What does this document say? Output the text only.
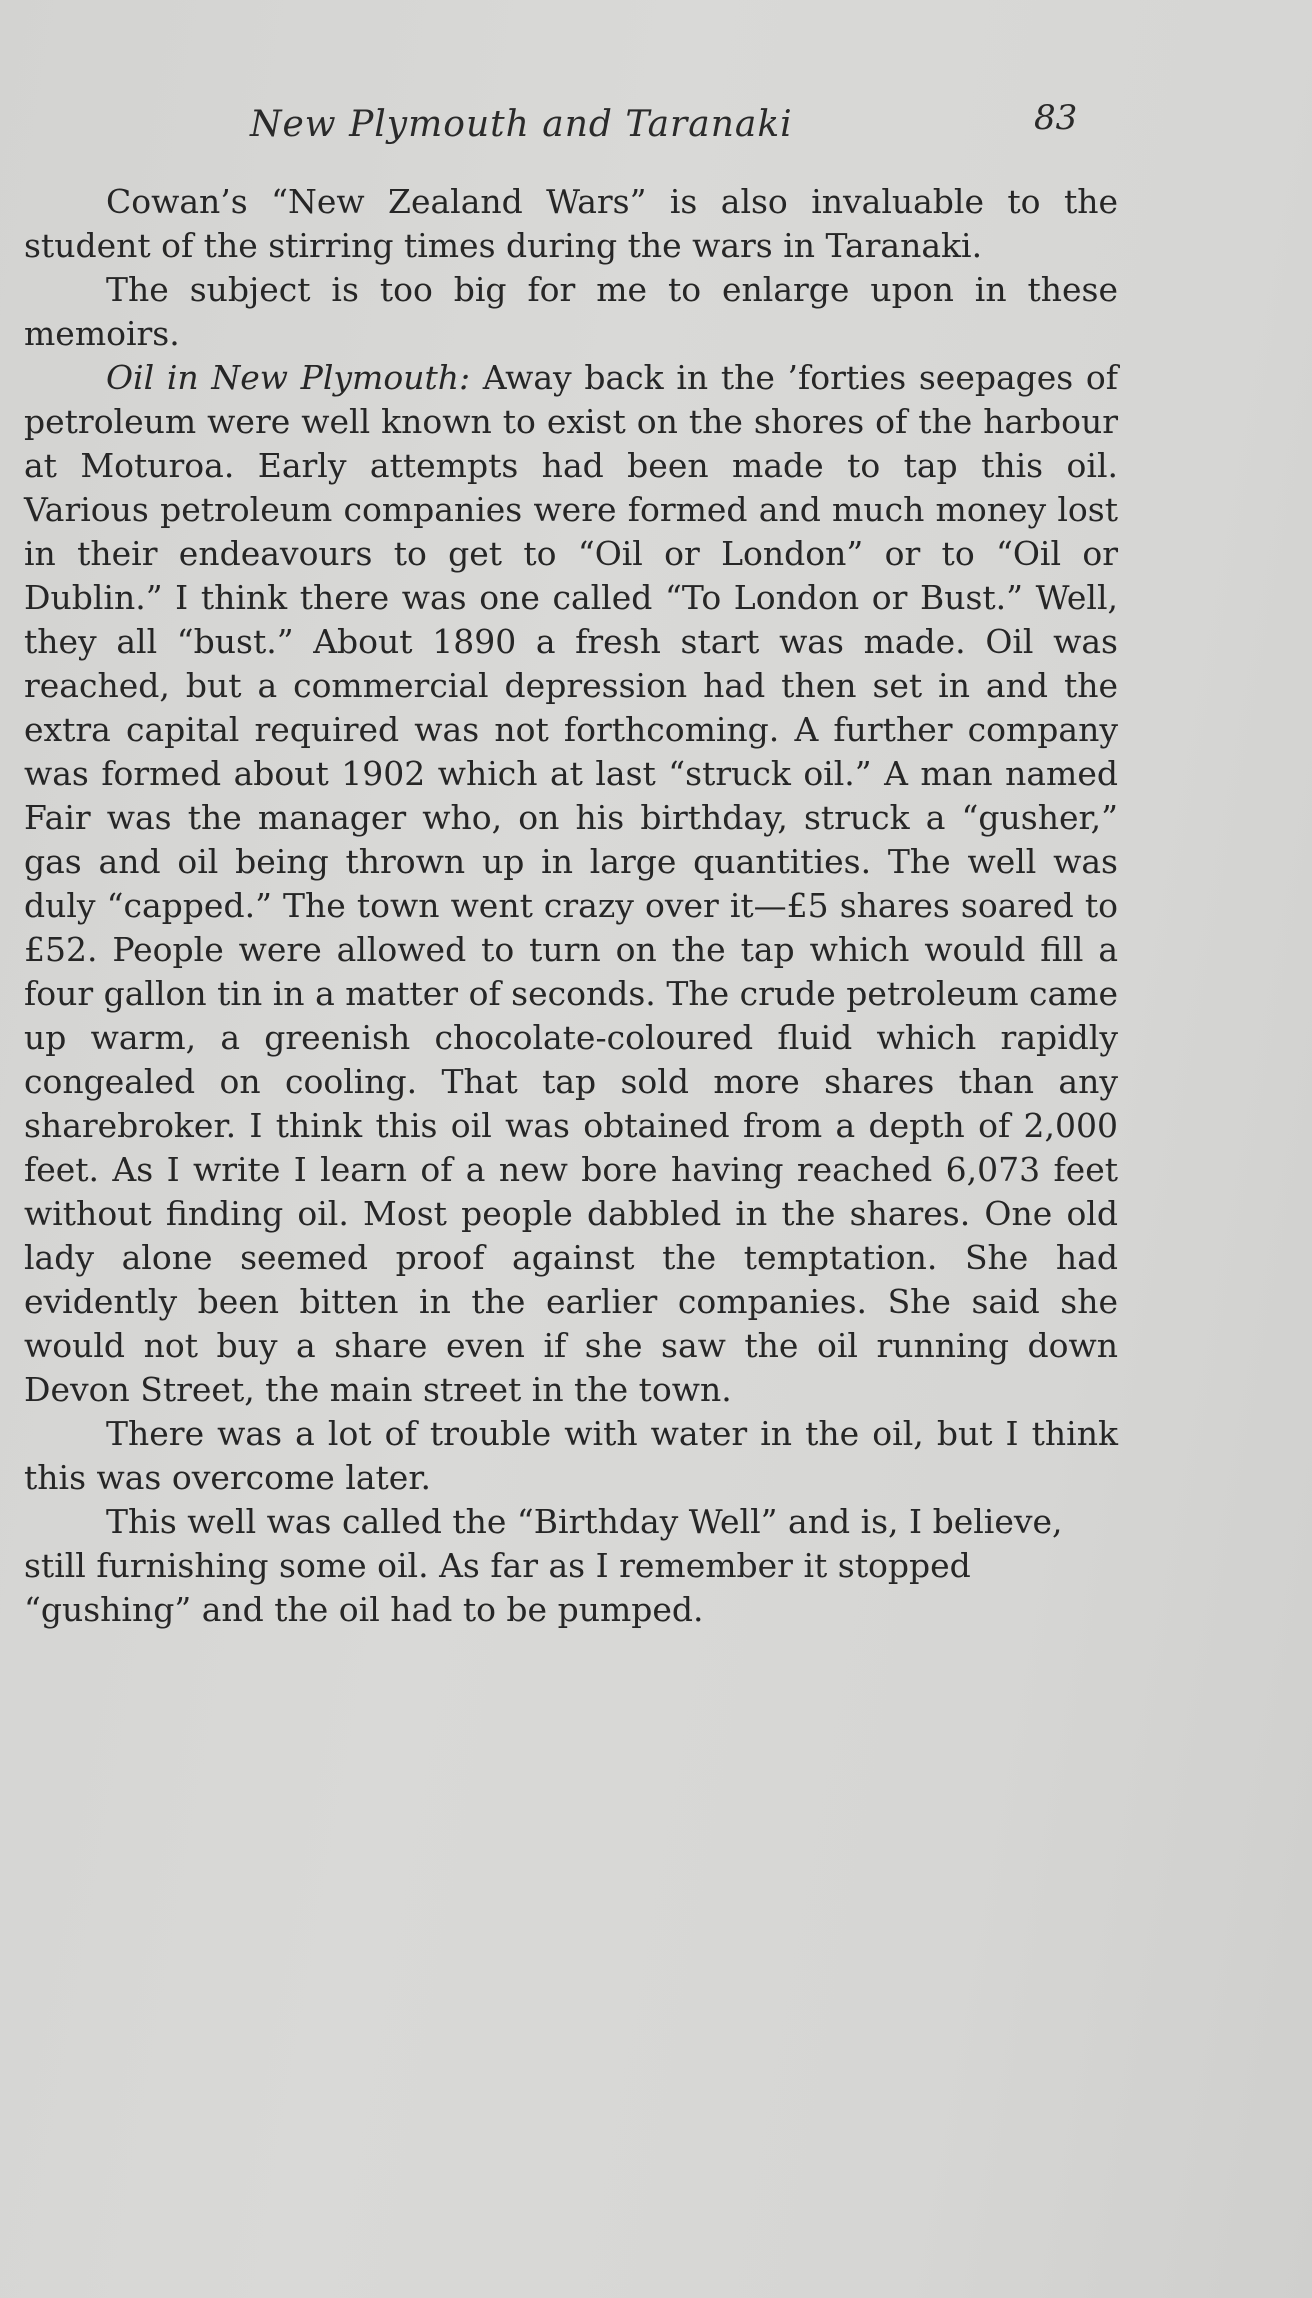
New Plymouth and Taranaki	83

Cowan’s “New Zealand Wars” is also invaluable to the student of the stirring times during the wars in Taranaki.

The subject is too big for me to enlarge upon in these memoirs.

Oil in New Plymouth: Away back in the ’forties seepages of petroleum were well known to exist on the shores of the harbour at Moturoa. Early attempts had been made to tap this oil. Various petroleum companies were formed and much money lost in their endeavours to get to “Oil or London” or to “Oil or Dublin.” I think there was one called “To London or Bust.” Well, they all “bust.” About 1890 a fresh start was made. Oil was reached, but a commercial depression had then set in and the extra capital required was not forthcoming. A further company was formed about 1902 which at last “struck oil.” A man named Fair was the manager who, on his birthday, struck a “gusher,” gas and oil being thrown up in large quantities. The well was duly “capped.” The town went crazy over it—£5 shares soared to £52. People were allowed to turn on the tap which would fill a four gallon tin in a matter of seconds. The crude petroleum came up warm, a greenish chocolate-coloured fluid which rapidly congealed on cooling. That tap sold more shares than any sharebroker. I think this oil was obtained from a depth of 2,000 feet. As I write I learn of a new bore having reached 6,073 feet without finding oil. Most people dabbled in the shares. One old lady alone seemed proof against the temptation. She had evidently been bitten in the earlier companies. She said she would not buy a share even if she saw the oil running down Devon Street, the main street in the town.

There was a lot of trouble with water in the oil, but I think this was overcome later.

This well was called the “Birthday Well” and is, I believe, still furnishing some oil. As far as I remember it stopped “gushing” and the oil had to be pumped.
